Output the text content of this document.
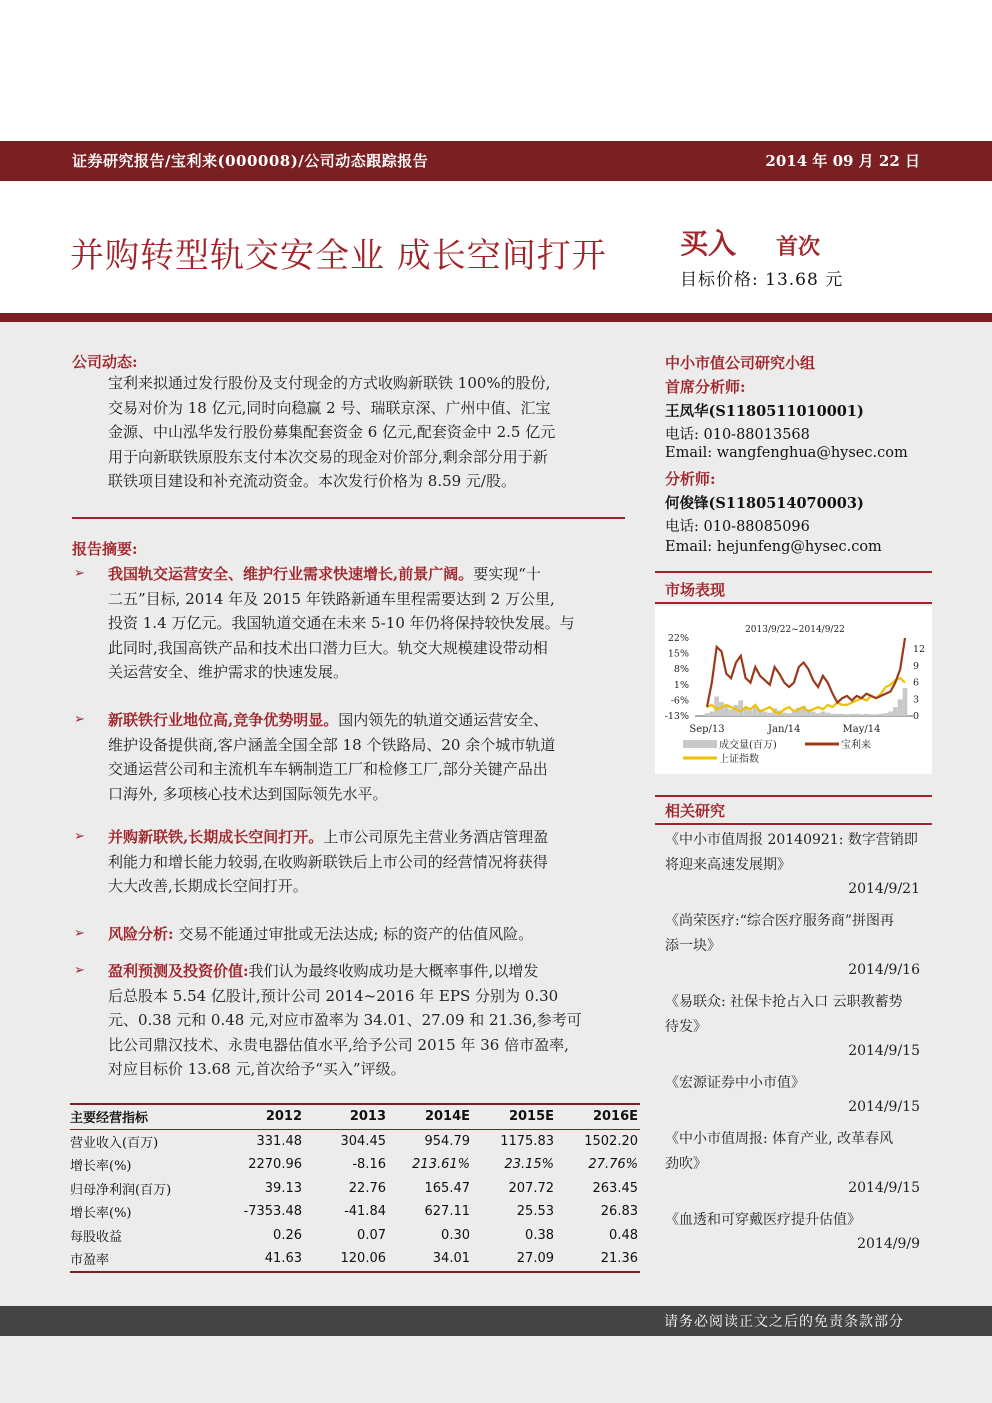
证券研究报告/宝利来(000008)/公司动态跟踪报告	2014 年 09 月 22 日
并购转型轨交安全业 成长空间打开	买入 首次
目标价格: 13.68 元
公司动态:
宝利来拟通过发行股份及支付现金的方式收购新联铁 100%的股份,
交易对价为 18 亿元,同时向稳赢 2 号、瑞联京深、广州中值、汇宝
金源、中山泓华发行股份募集配套资金 6 亿元,配套资金中 2.5 亿元
用于向新联铁原股东支付本次交易的现金对价部分,剩余部分用于新
联铁项目建设和补充流动资金。本次发行价格为 8.59 元/股。
报告摘要:
➢ 我国轨交运营安全、维护行业需求快速增长,前景广阔。要实现“十
二五”目标, 2014 年及 2015 年铁路新通车里程需要达到 2 万公里,
投资 1.4 万亿元。我国轨道交通在未来 5-10 年仍将保持较快发展。与
此同时,我国高铁产品和技术出口潜力巨大。轨交大规模建设带动相
关运营安全、维护需求的快速发展。
➢ 新联铁行业地位高,竞争优势明显。国内领先的轨道交通运营安全、
维护设备提供商,客户涵盖全国全部 18 个铁路局、20 余个城市轨道
交通运营公司和主流机车车辆制造工厂和检修工厂,部分关键产品出
口海外, 多项核心技术达到国际领先水平。
➢ 并购新联铁,长期成长空间打开。上市公司原先主营业务酒店管理盈
利能力和增长能力较弱,在收购新联铁后上市公司的经营情况将获得
大大改善,长期成长空间打开。
➢ 风险分析: 交易不能通过审批或无法达成; 标的资产的估值风险。
➢ 盈利预测及投资价值:我们认为最终收购成功是大概率事件,以增发
后总股本 5.54 亿股计,预计公司 2014~2016 年 EPS 分别为 0.30
元、0.38 元和 0.48 元,对应市盈率为 34.01、27.09 和 21.36,参考可
比公司鼎汉技术、永贵电器估值水平,给予公司 2015 年 36 倍市盈率,
对应目标价 13.68 元,首次给予“买入”评级。
主要经营指标	2012	2013	2014E	2015E	2016E
营业收入(百万)	331.48	304.45	954.79	1175.83	1502.20
增长率(%)	2270.96	-8.16	213.61%	23.15%	27.76%
归母净利润(百万)	39.13	22.76	165.47	207.72	263.45
增长率(%)	-7353.48	-41.84	627.11	25.53	26.83
每股收益	0.26	0.07	0.30	0.38	0.48
市盈率	41.63	120.06	34.01	27.09	21.36
中小市值公司研究小组
首席分析师:
王凤华(S1180511010001)
电话: 010-88013568
Email: wangfenghua@hysec.com
分析师:
何俊锋(S1180514070003)
电话: 010-88085096
Email: hejunfeng@hysec.com
市场表现
2013/9/22~2014/9/22
22%
15%
8%
1%
-6%
-13%
12
9
6
3
0
Sep/13	Jan/14	May/14
成交量(百万)	宝利来
上证指数
相关研究
《中小市值周报 20140921: 数字营销即
将迎来高速发展期》
2014/9/21
《尚荣医疗:“综合医疗服务商”拼图再
添一块》
2014/9/16
《易联众: 社保卡抢占入口 云职教蓄势
待发》
2014/9/15
《宏源证券中小市值》
2014/9/15
《中小市值周报: 体育产业, 改革春风
劲吹》
2014/9/15
《血透和可穿戴医疗提升估值》
2014/9/9
请务必阅读正文之后的免责条款部分
